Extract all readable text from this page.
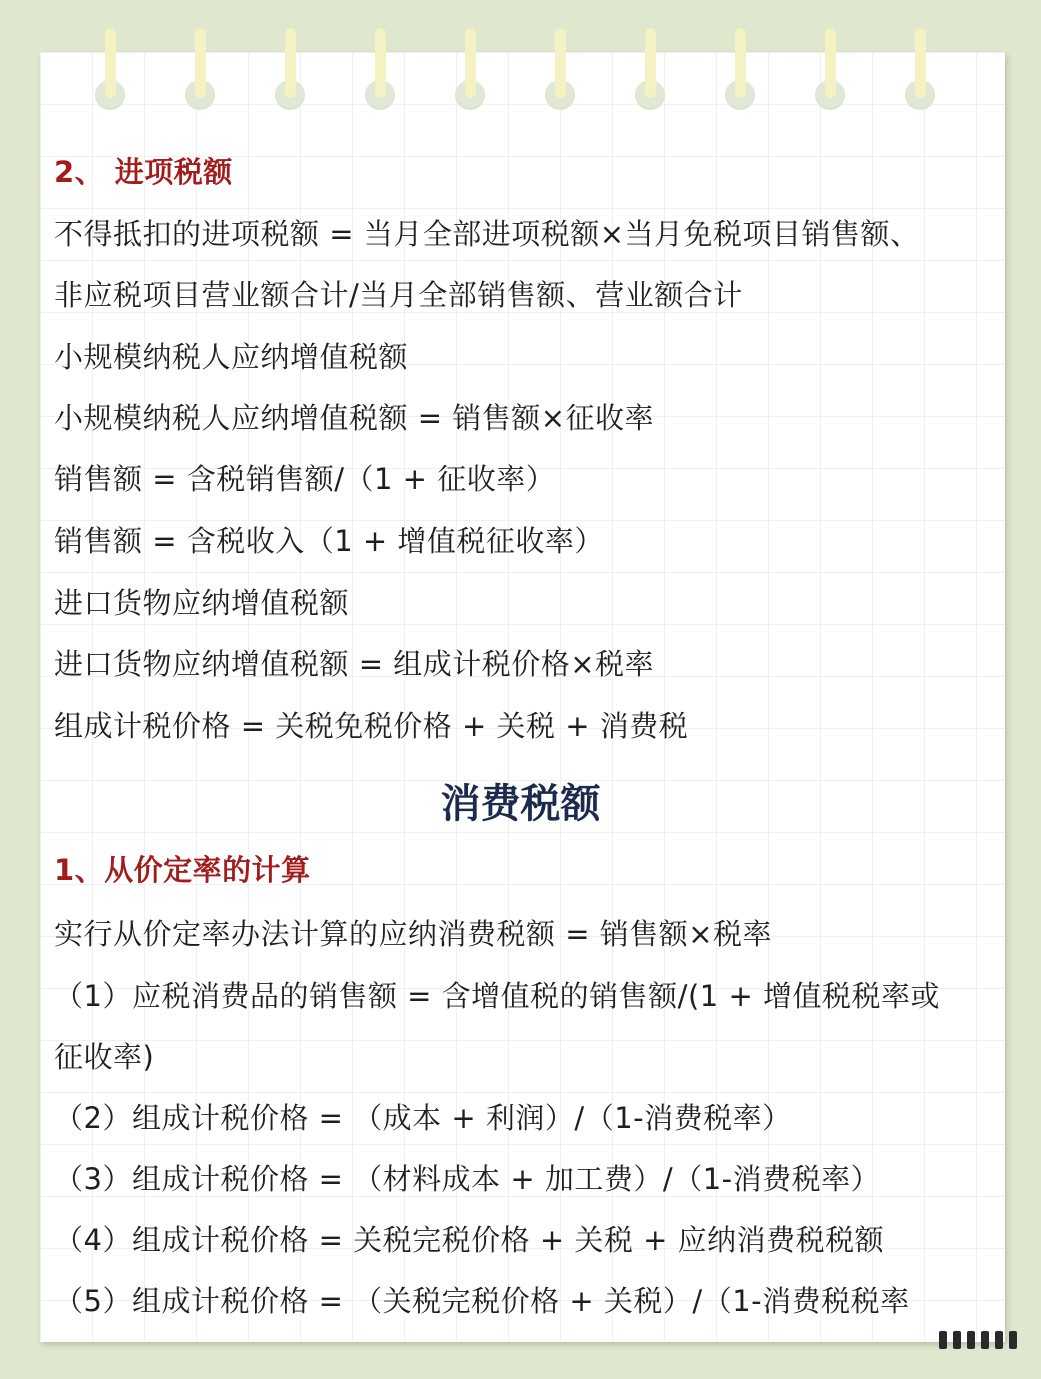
2、 进项税额

不得抵扣的进项税额 = 当月全部进项税额×当月免税项目销售额、

非应税项目营业额合计/当月全部销售额、营业额合计

小规模纳税人应纳增值税额

小规模纳税人应纳增值税额 = 销售额×征收率

销售额 = 含税销售额/（1 + 征收率）

销售额 = 含税收入（1 + 增值税征收率）

进口货物应纳增值税额

进口货物应纳增值税额 = 组成计税价格×税率

组成计税价格 = 关税免税价格 + 关税 + 消费税

消费税额

1、从价定率的计算

实行从价定率办法计算的应纳消费税额 = 销售额×税率

（1）应税消费品的销售额 = 含增值税的销售额/(1 + 增值税税率或

征收率)

（2）组成计税价格 = （成本 + 利润）/（1-消费税率）

（3）组成计税价格 = （材料成本 + 加工费）/（1-消费税率）

（4）组成计税价格 = 关税完税价格 + 关税 + 应纳消费税税额

（5）组成计税价格 = （关税完税价格 + 关税）/（1-消费税税率
